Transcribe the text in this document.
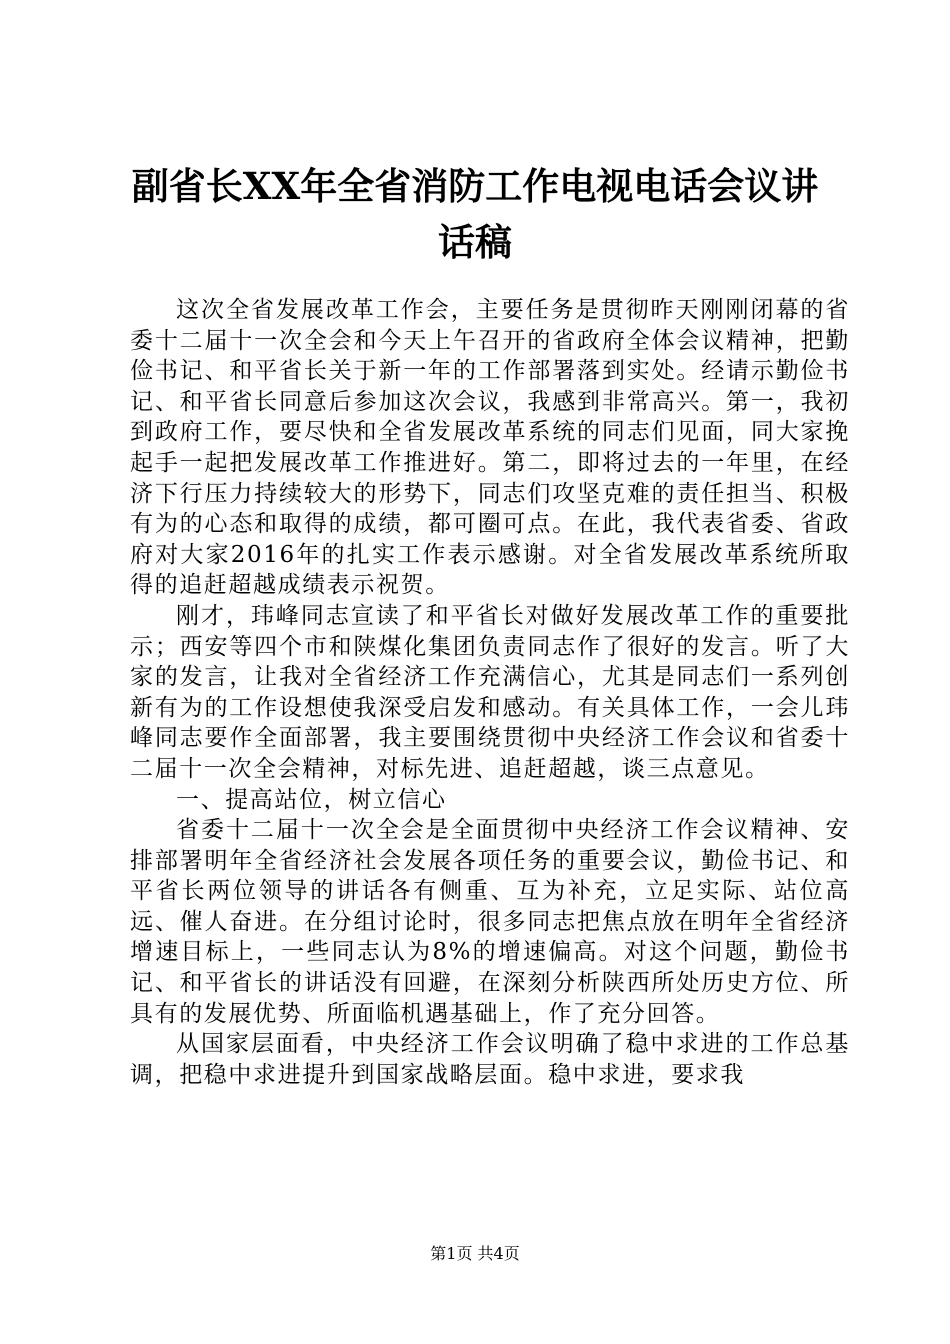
副省长XX年全省消防工作电视电话会议讲话稿

这次全省发展改革工作会，主要任务是贯彻昨天刚刚闭幕的省委十二届十一次全会和今天上午召开的省政府全体会议精神，把勤俭书记、和平省长关于新一年的工作部署落到实处。经请示勤俭书记、和平省长同意后参加这次会议，我感到非常高兴。第一，我初到政府工作，要尽快和全省发展改革系统的同志们见面，同大家挽起手一起把发展改革工作推进好。第二，即将过去的一年里，在经济下行压力持续较大的形势下，同志们攻坚克难的责任担当、积极有为的心态和取得的成绩，都可圈可点。在此，我代表省委、省政府对大家2016年的扎实工作表示感谢。对全省发展改革系统所取得的追赶超越成绩表示祝贺。

刚才，玮峰同志宣读了和平省长对做好发展改革工作的重要批示；西安等四个市和陕煤化集团负责同志作了很好的发言。听了大家的发言，让我对全省经济工作充满信心，尤其是同志们一系列创新有为的工作设想使我深受启发和感动。有关具体工作，一会儿玮峰同志要作全面部署，我主要围绕贯彻中央经济工作会议和省委十二届十一次全会精神，对标先进、追赶超越，谈三点意见。

一、提高站位，树立信心

省委十二届十一次全会是全面贯彻中央经济工作会议精神、安排部署明年全省经济社会发展各项任务的重要会议，勤俭书记、和平省长两位领导的讲话各有侧重、互为补充，立足实际、站位高远、催人奋进。在分组讨论时，很多同志把焦点放在明年全省经济增速目标上，一些同志认为8%的增速偏高。对这个问题，勤俭书记、和平省长的讲话没有回避，在深刻分析陕西所处历史方位、所具有的发展优势、所面临机遇基础上，作了充分回答。

从国家层面看，中央经济工作会议明确了稳中求进的工作总基调，把稳中求进提升到国家战略层面。稳中求进，要求我

第1页 共4页
